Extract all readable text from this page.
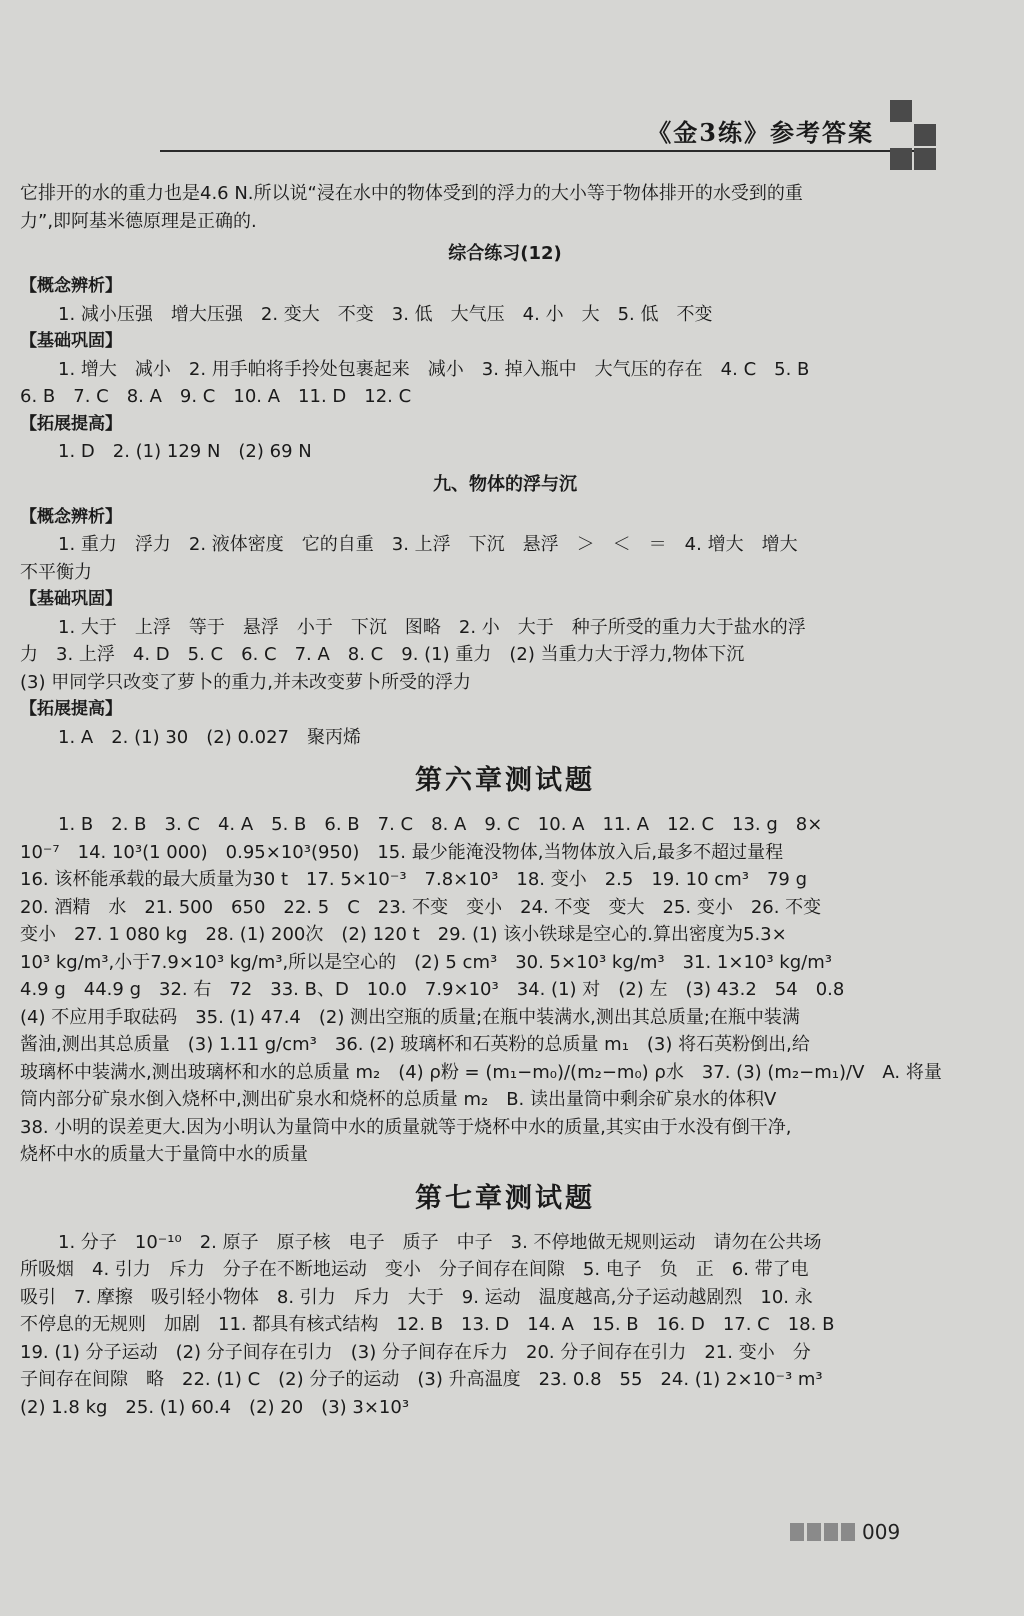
《金3练》参考答案
它排开的水的重力也是4.6 N.所以说“浸在水中的物体受到的浮力的大小等于物体排开的水受到的重
力”,即阿基米德原理是正确的.
综合练习(12)
【概念辨析】
1. 减小压强　增大压强　2. 变大　不变　3. 低　大气压　4. 小　大　5. 低　不变
【基础巩固】
1. 增大　减小　2. 用手帕将手拎处包裹起来　减小　3. 掉入瓶中　大气压的存在　4. C　5. B
6. B　7. C　8. A　9. C　10. A　11. D　12. C
【拓展提高】
1. D　2. (1) 129 N　(2) 69 N
九、物体的浮与沉
【概念辨析】
1. 重力　浮力　2. 液体密度　它的自重　3. 上浮　下沉　悬浮　＞　＜　＝　4. 增大　增大
不平衡力
【基础巩固】
1. 大于　上浮　等于　悬浮　小于　下沉　图略　2. 小　大于　种子所受的重力大于盐水的浮
力　3. 上浮　4. D　5. C　6. C　7. A　8. C　9. (1) 重力　(2) 当重力大于浮力,物体下沉
(3) 甲同学只改变了萝卜的重力,并未改变萝卜所受的浮力
【拓展提高】
1. A　2. (1) 30　(2) 0.027　聚丙烯
第六章测试题
1. B　2. B　3. C　4. A　5. B　6. B　7. C　8. A　9. C　10. A　11. A　12. C　13. g　8×
10⁻⁷　14. 10³(1 000)　0.95×10³(950)　15. 最少能淹没物体,当物体放入后,最多不超过量程
16. 该杯能承载的最大质量为30 t　17. 5×10⁻³　7.8×10³　18. 变小　2.5　19. 10 cm³　79 g
20. 酒精　水　21. 500　650　22. 5　C　23. 不变　变小　24. 不变　变大　25. 变小　26. 不变
变小　27. 1 080 kg　28. (1) 200次　(2) 120 t　29. (1) 该小铁球是空心的.算出密度为5.3×
10³ kg/m³,小于7.9×10³ kg/m³,所以是空心的　(2) 5 cm³　30. 5×10³ kg/m³　31. 1×10³ kg/m³
4.9 g　44.9 g　32. 右　72　33. B、D　10.0　7.9×10³　34. (1) 对　(2) 左　(3) 43.2　54　0.8
(4) 不应用手取砝码　35. (1) 47.4　(2) 测出空瓶的质量;在瓶中装满水,测出其总质量;在瓶中装满
酱油,测出其总质量　(3) 1.11 g/cm³　36. (2) 玻璃杯和石英粉的总质量 m₁　(3) 将石英粉倒出,给
玻璃杯中装满水,测出玻璃杯和水的总质量 m₂　(4) ρ粉 = (m₁−m₀)/(m₂−m₀) ρ水　37. (3) (m₂−m₁)/V　A. 将量
筒内部分矿泉水倒入烧杯中,测出矿泉水和烧杯的总质量 m₂　B. 读出量筒中剩余矿泉水的体积V
38. 小明的误差更大.因为小明认为量筒中水的质量就等于烧杯中水的质量,其实由于水没有倒干净,
烧杯中水的质量大于量筒中水的质量
第七章测试题
1. 分子　10⁻¹⁰　2. 原子　原子核　电子　质子　中子　3. 不停地做无规则运动　请勿在公共场
所吸烟　4. 引力　斥力　分子在不断地运动　变小　分子间存在间隙　5. 电子　负　正　6. 带了电
吸引　7. 摩擦　吸引轻小物体　8. 引力　斥力　大于　9. 运动　温度越高,分子运动越剧烈　10. 永
不停息的无规则　加剧　11. 都具有核式结构　12. B　13. D　14. A　15. B　16. D　17. C　18. B
19. (1) 分子运动　(2) 分子间存在引力　(3) 分子间存在斥力　20. 分子间存在引力　21. 变小　分
子间存在间隙　略　22. (1) C　(2) 分子的运动　(3) 升高温度　23. 0.8　55　24. (1) 2×10⁻³ m³
(2) 1.8 kg　25. (1) 60.4　(2) 20　(3) 3×10³
009
